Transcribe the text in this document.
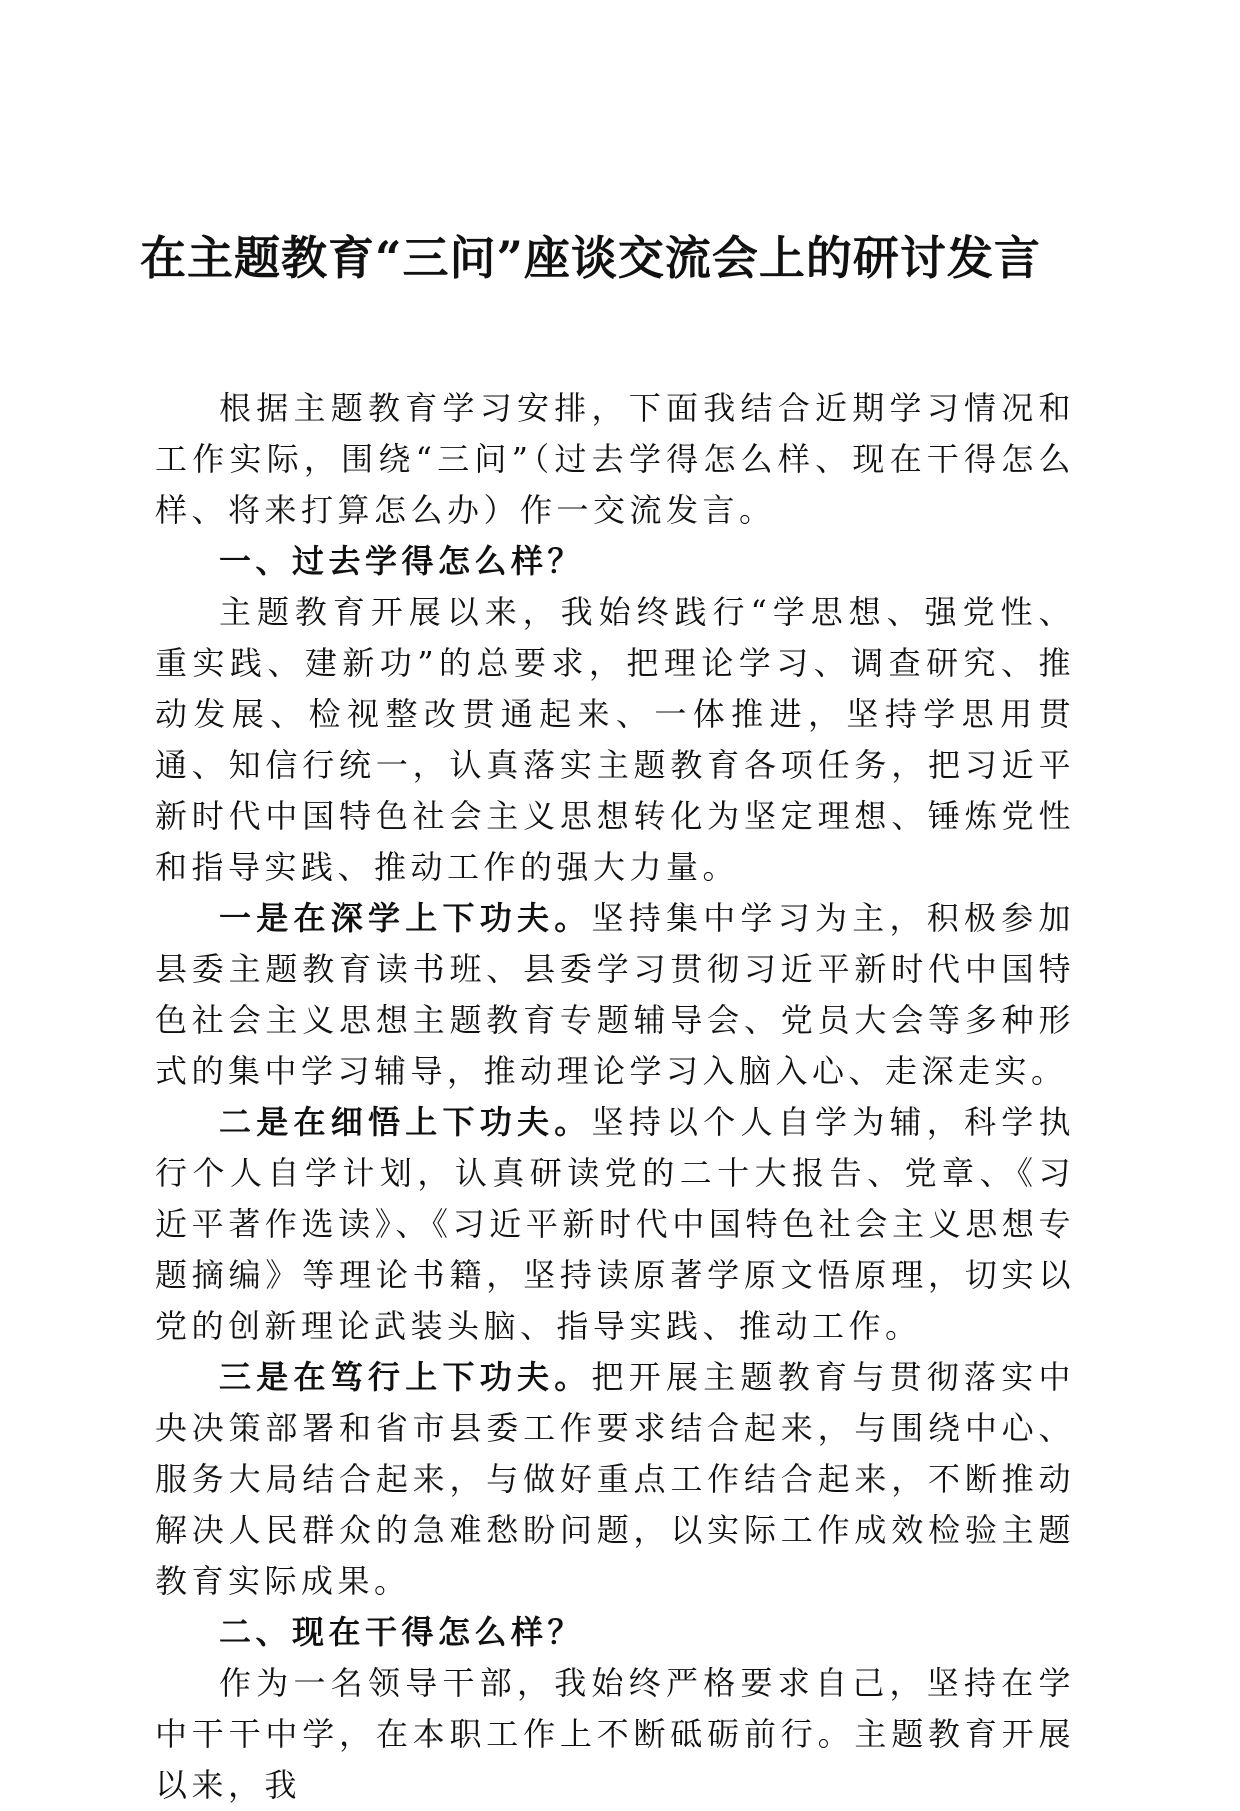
在主题教育“三问”座谈交流会上的研讨发言

根据主题教育学习安排，下面我结合近期学习情况和工作实际，围绕“三问”（过去学得怎么样、现在干得怎么样、将来打算怎么办）作一交流发言。

一、过去学得怎么样？

主题教育开展以来，我始终践行“学思想、强党性、重实践、建新功”的总要求，把理论学习、调查研究、推动发展、检视整改贯通起来、一体推进，坚持学思用贯通、知信行统一，认真落实主题教育各项任务，把习近平新时代中国特色社会主义思想转化为坚定理想、锤炼党性和指导实践、推动工作的强大力量。

一是在深学上下功夫。坚持集中学习为主，积极参加县委主题教育读书班、县委学习贯彻习近平新时代中国特色社会主义思想主题教育专题辅导会、党员大会等多种形式的集中学习辅导，推动理论学习入脑入心、走深走实。

二是在细悟上下功夫。坚持以个人自学为辅，科学执行个人自学计划，认真研读党的二十大报告、党章、《习近平著作选读》、《习近平新时代中国特色社会主义思想专题摘编》等理论书籍，坚持读原著学原文悟原理，切实以党的创新理论武装头脑、指导实践、推动工作。

三是在笃行上下功夫。把开展主题教育与贯彻落实中央决策部署和省市县委工作要求结合起来，与围绕中心、服务大局结合起来，与做好重点工作结合起来，不断推动解决人民群众的急难愁盼问题，以实际工作成效检验主题教育实际成果。

二、现在干得怎么样？

作为一名领导干部，我始终严格要求自己，坚持在学中干干中学，在本职工作上不断砥砺前行。主题教育开展以来，我
